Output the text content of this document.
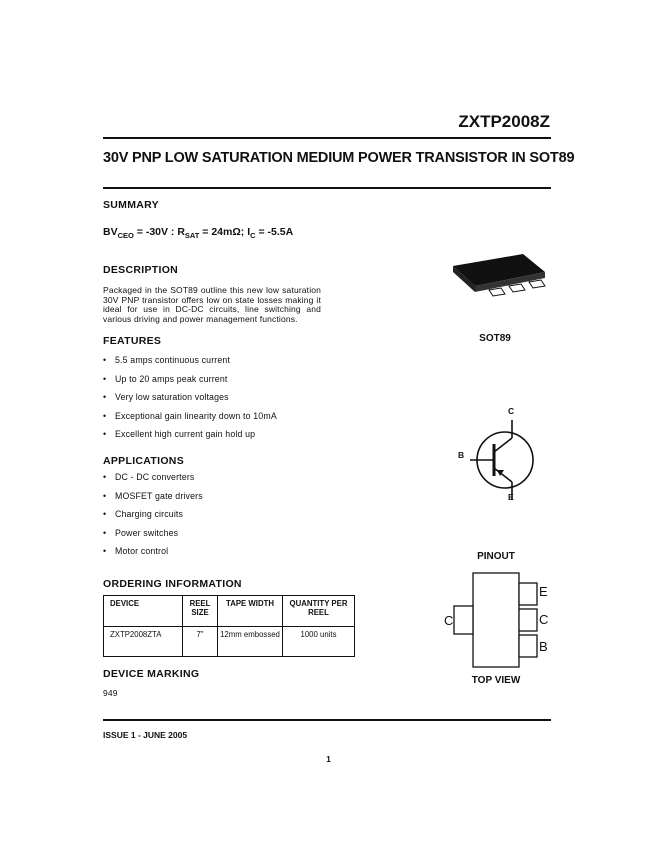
ZXTP2008Z
30V PNP LOW SATURATION MEDIUM POWER TRANSISTOR IN SOT89
SUMMARY
$BV_{CEO} = -30V$ : $R_{SAT} = 24m\Omega$; $I_C = -5.5A$
DESCRIPTION
Packaged in the SOT89 outline this new low saturation 30V PNP transistor offers low on state losses making it ideal for use in DC-DC circuits, line switching and various driving and power management functions.
FEATURES
• 5.5 amps continuous current
• Up to 20 amps peak current
• Very low saturation voltages
• Exceptional gain linearity down to 10mA
• Excellent high current gain hold up
APPLICATIONS
• DC - DC converters
• MOSFET gate drivers
• Charging circuits
• Power switches
• Motor control
ORDERING INFORMATION
DEVICE	REEL SIZE	TAPE WIDTH	QUANTITY PER REEL
ZXTP2008ZTA	7"	12mm embossed	1000 units
DEVICE MARKING
949
SOT89
C
B
E
PINOUT
C
E
C
B
TOP VIEW
ISSUE 1 - JUNE 2005
1
